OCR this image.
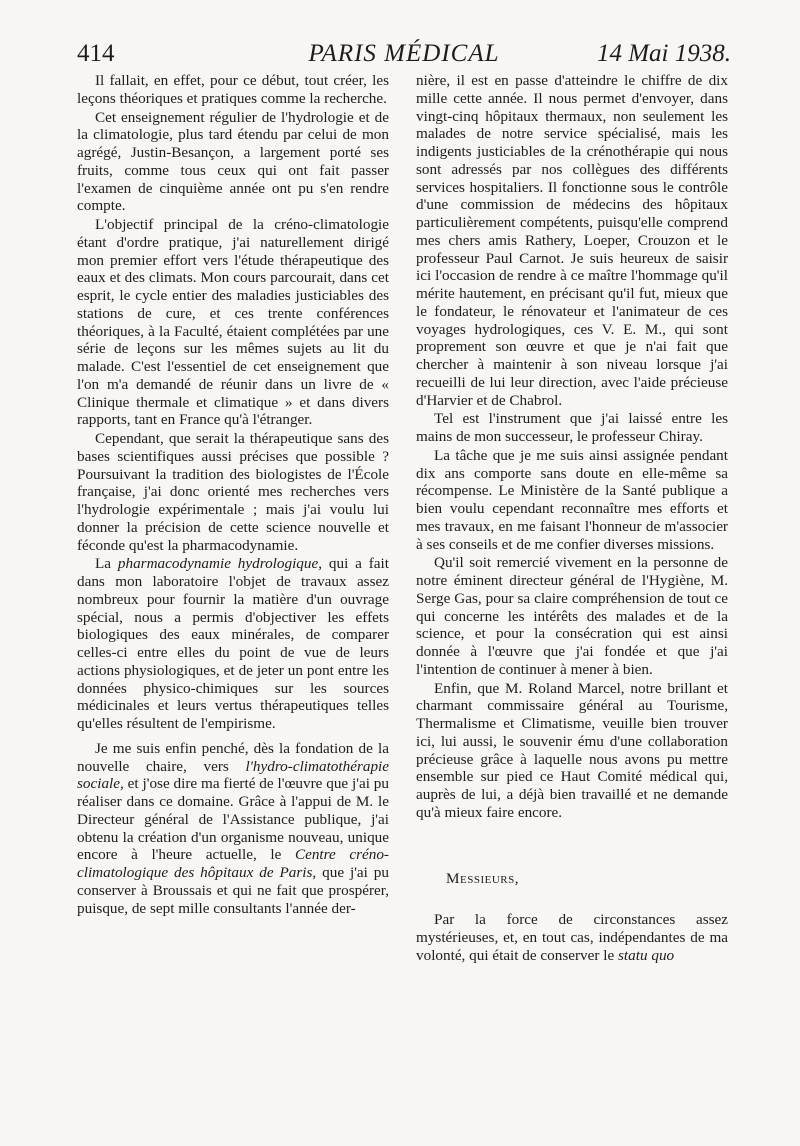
414	PARIS MÉDICAL	14 Mai 1938.

Il fallait, en effet, pour ce début, tout créer, les leçons théoriques et pratiques comme la recherche.

Cet enseignement régulier de l'hydrologie et de la climatologie, plus tard étendu par celui de mon agrégé, Justin-Besançon, a largement porté ses fruits, comme tous ceux qui ont fait passer l'examen de cinquième année ont pu s'en rendre compte.

L'objectif principal de la créno-climatologie étant d'ordre pratique, j'ai naturellement dirigé mon premier effort vers l'étude thérapeutique des eaux et des climats. Mon cours parcourait, dans cet esprit, le cycle entier des maladies justiciables des stations de cure, et ces trente conférences théoriques, à la Faculté, étaient complétées par une série de leçons sur les mêmes sujets au lit du malade. C'est l'essentiel de cet enseignement que l'on m'a demandé de réunir dans un livre de « Clinique thermale et climatique » et dans divers rapports, tant en France qu'à l'étranger.

Cependant, que serait la thérapeutique sans des bases scientifiques aussi précises que possible ? Poursuivant la tradition des biologistes de l'École française, j'ai donc orienté mes recherches vers l'hydrologie expérimentale ; mais j'ai voulu lui donner la précision de cette science nouvelle et féconde qu'est la pharmacodynamie.

La pharmacodynamie hydrologique, qui a fait dans mon laboratoire l'objet de travaux assez nombreux pour fournir la matière d'un ouvrage spécial, nous a permis d'objectiver les effets biologiques des eaux minérales, de comparer celles-ci entre elles du point de vue de leurs actions physiologiques, et de jeter un pont entre les données physico-chimiques sur les sources médicinales et leurs vertus thérapeutiques telles qu'elles résultent de l'empirisme.

Je me suis enfin penché, dès la fondation de la nouvelle chaire, vers l'hydro-climatothérapie sociale, et j'ose dire ma fierté de l'œuvre que j'ai pu réaliser dans ce domaine. Grâce à l'appui de M. le Directeur général de l'Assistance publique, j'ai obtenu la création d'un organisme nouveau, unique encore à l'heure actuelle, le Centre créno-climatologique des hôpitaux de Paris, que j'ai pu conserver à Broussais et qui ne fait que prospérer, puisque, de sept mille consultants l'année der-

nière, il est en passe d'atteindre le chiffre de dix mille cette année. Il nous permet d'envoyer, dans vingt-cinq hôpitaux thermaux, non seulement les malades de notre service spécialisé, mais les indigents justiciables de la crénothérapie qui nous sont adressés par nos collègues des différents services hospitaliers. Il fonctionne sous le contrôle d'une commission de médecins des hôpitaux particulièrement compétents, puisqu'elle comprend mes chers amis Rathery, Loeper, Crouzon et le professeur Paul Carnot. Je suis heureux de saisir ici l'occasion de rendre à ce maître l'hommage qu'il mérite hautement, en précisant qu'il fut, mieux que le fondateur, le rénovateur et l'animateur de ces voyages hydrologiques, ces V. E. M., qui sont proprement son œuvre et que je n'ai fait que chercher à maintenir à son niveau lorsque j'ai recueilli de lui leur direction, avec l'aide précieuse d'Harvier et de Chabrol.

Tel est l'instrument que j'ai laissé entre les mains de mon successeur, le professeur Chiray.

La tâche que je me suis ainsi assignée pendant dix ans comporte sans doute en elle-même sa récompense. Le Ministère de la Santé publique a bien voulu cependant reconnaître mes efforts et mes travaux, en me faisant l'honneur de m'associer à ses conseils et de me confier diverses missions.

Qu'il soit remercié vivement en la personne de notre éminent directeur général de l'Hygiène, M. Serge Gas, pour sa claire compréhension de tout ce qui concerne les intérêts des malades et de la science, et pour la consécration qui est ainsi donnée à l'œuvre que j'ai fondée et que j'ai l'intention de continuer à mener à bien.

Enfin, que M. Roland Marcel, notre brillant et charmant commissaire général au Tourisme, Thermalisme et Climatisme, veuille bien trouver ici, lui aussi, le souvenir ému d'une collaboration précieuse grâce à laquelle nous avons pu mettre ensemble sur pied ce Haut Comité médical qui, auprès de lui, a déjà bien travaillé et ne demande qu'à mieux faire encore.

Messieurs,

Par la force de circonstances assez mystérieuses, et, en tout cas, indépendantes de ma volonté, qui était de conserver le statu quo
